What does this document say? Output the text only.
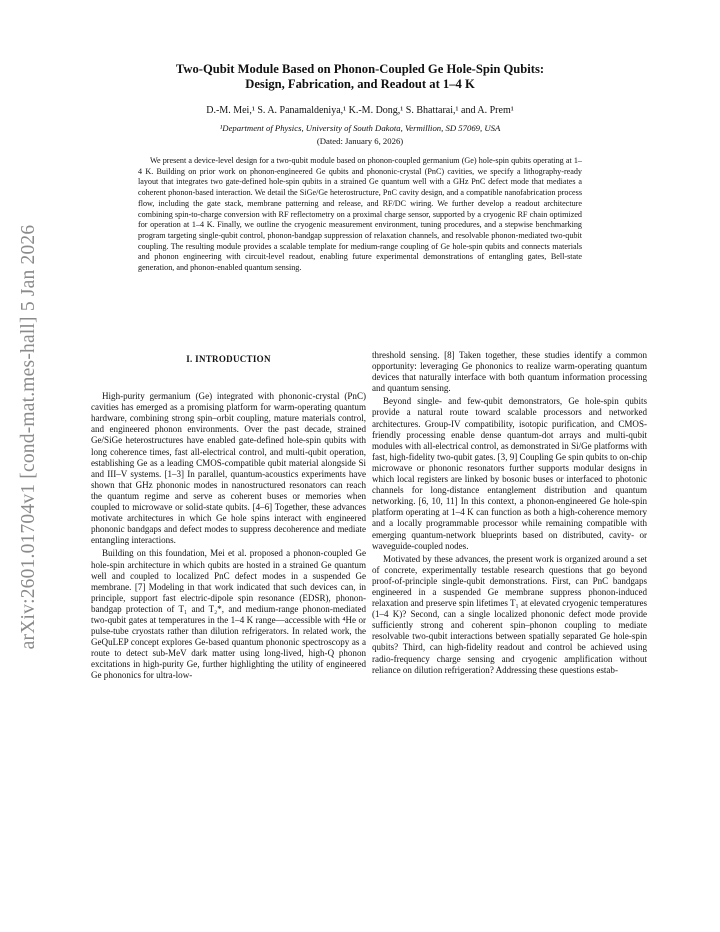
arXiv:2601.01704v1 [cond-mat.mes-hall] 5 Jan 2026
Two-Qubit Module Based on Phonon-Coupled Ge Hole-Spin Qubits:
Design, Fabrication, and Readout at 1–4 K
D.-M. Mei,¹ S. A. Panamaldeniya,¹ K.-M. Dong,¹ S. Bhattarai,¹ and A. Prem¹
¹Department of Physics, University of South Dakota, Vermillion, SD 57069, USA
(Dated: January 6, 2026)

We present a device-level design for a two-qubit module based on phonon-coupled germanium (Ge) hole-spin qubits operating at 1–4 K. Building on prior work on phonon-engineered Ge qubits and phononic-crystal (PnC) cavities, we specify a lithography-ready layout that integrates two gate-defined hole-spin qubits in a strained Ge quantum well with a GHz PnC defect mode that mediates a coherent phonon-based interaction. We detail the SiGe/Ge heterostructure, PnC cavity design, and a compatible nanofabrication process flow, including the gate stack, membrane patterning and release, and RF/DC wiring. We further develop a readout architecture combining spin-to-charge conversion with RF reflectometry on a proximal charge sensor, supported by a cryogenic RF chain optimized for operation at 1–4 K. Finally, we outline the cryogenic measurement environment, tuning procedures, and a stepwise benchmarking program targeting single-qubit control, phonon-bandgap suppression of relaxation channels, and resolvable phonon-mediated two-qubit coupling. The resulting module provides a scalable template for medium-range coupling of Ge hole-spin qubits and connects materials and phonon engineering with circuit-level readout, enabling future experimental demonstrations of entangling gates, Bell-state generation, and phonon-enabled quantum sensing.

I. INTRODUCTION

High-purity germanium (Ge) integrated with phononic-crystal (PnC) cavities has emerged as a promising platform for warm-operating quantum hardware, combining strong spin–orbit coupling, mature materials control, and engineered phonon environments. Over the past decade, strained Ge/SiGe heterostructures have enabled gate-defined hole-spin qubits with long coherence times, fast all-electrical control, and multi-qubit operation, establishing Ge as a leading CMOS-compatible qubit material alongside Si and III–V systems. [1–3] In parallel, quantum-acoustics experiments have shown that GHz phononic modes in nanostructured resonators can reach the quantum regime and serve as coherent buses or memories when coupled to microwave or solid-state qubits. [4–6] Together, these advances motivate architectures in which Ge hole spins interact with engineered phononic bandgaps and defect modes to suppress decoherence and mediate entangling interactions.

Building on this foundation, Mei et al. proposed a phonon-coupled Ge hole-spin architecture in which qubits are hosted in a strained Ge quantum well and coupled to localized PnC defect modes in a suspended Ge membrane. [7] Modeling in that work indicated that such devices can, in principle, support fast electric-dipole spin resonance (EDSR), phonon-bandgap protection of T₁ and T₂*, and medium-range phonon-mediated two-qubit gates at temperatures in the 1–4 K range—accessible with ⁴He or pulse-tube cryostats rather than dilution refrigerators. In related work, the GeQuLEP concept explores Ge-based quantum phononic spectroscopy as a route to detect sub-MeV dark matter using long-lived, high-Q phonon excitations in high-purity Ge, further highlighting the utility of engineered Ge phononics for ultra-low-

threshold sensing. [8] Taken together, these studies identify a common opportunity: leveraging Ge phononics to realize warm-operating quantum devices that naturally interface with both quantum information processing and quantum sensing.

Beyond single- and few-qubit demonstrators, Ge hole-spin qubits provide a natural route toward scalable processors and networked architectures. Group-IV compatibility, isotopic purification, and CMOS-friendly processing enable dense quantum-dot arrays and multi-qubit modules with all-electrical control, as demonstrated in Si/Ge platforms with fast, high-fidelity two-qubit gates. [3, 9] Coupling Ge spin qubits to on-chip microwave or phononic resonators further supports modular designs in which local registers are linked by bosonic buses or interfaced to photonic channels for long-distance entanglement distribution and quantum networking. [6, 10, 11] In this context, a phonon-engineered Ge hole-spin platform operating at 1–4 K can function as both a high-coherence memory and a locally programmable processor while remaining compatible with emerging quantum-network blueprints based on distributed, cavity- or waveguide-coupled nodes.

Motivated by these advances, the present work is organized around a set of concrete, experimentally testable research questions that go beyond proof-of-principle single-qubit demonstrations. First, can PnC bandgaps engineered in a suspended Ge membrane suppress phonon-induced relaxation and preserve spin lifetimes T₁ at elevated cryogenic temperatures (1–4 K)? Second, can a single localized phononic defect mode provide sufficiently strong and coherent spin–phonon coupling to mediate resolvable two-qubit interactions between spatially separated Ge hole-spin qubits? Third, can high-fidelity readout and control be achieved using radio-frequency charge sensing and cryogenic amplification without reliance on dilution refrigeration? Addressing these questions estab-
